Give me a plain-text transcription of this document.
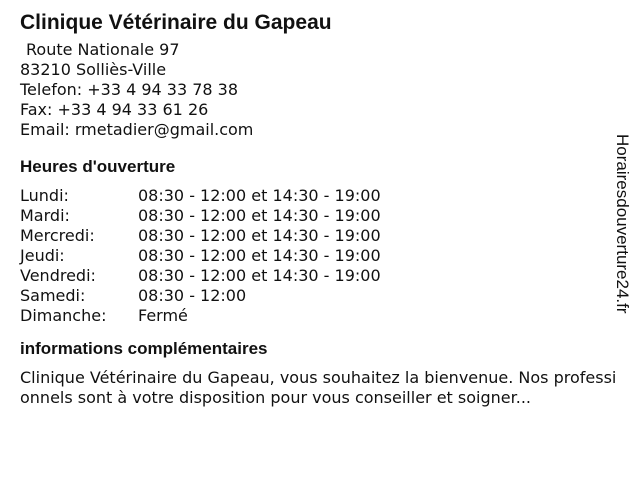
Clinique Vétérinaire du Gapeau
Route Nationale 97
83210 Solliès-Ville
Telefon: +33 4 94 33 78 38
Fax: +33 4 94 33 61 26
Email: rmetadier@gmail.com
Heures d'ouverture
Lundi:	08:30 - 12:00 et 14:30 - 19:00
Mardi:	08:30 - 12:00 et 14:30 - 19:00
Mercredi:	08:30 - 12:00 et 14:30 - 19:00
Jeudi:	08:30 - 12:00 et 14:30 - 19:00
Vendredi:	08:30 - 12:00 et 14:30 - 19:00
Samedi:	08:30 - 12:00
Dimanche:	Fermé
informations complémentaires

Clinique Vétérinaire du Gapeau, vous souhaitez la bienvenue. Nos professionnels sont à votre disposition pour vous conseiller et soigner...

Horairesdouverture24.fr
